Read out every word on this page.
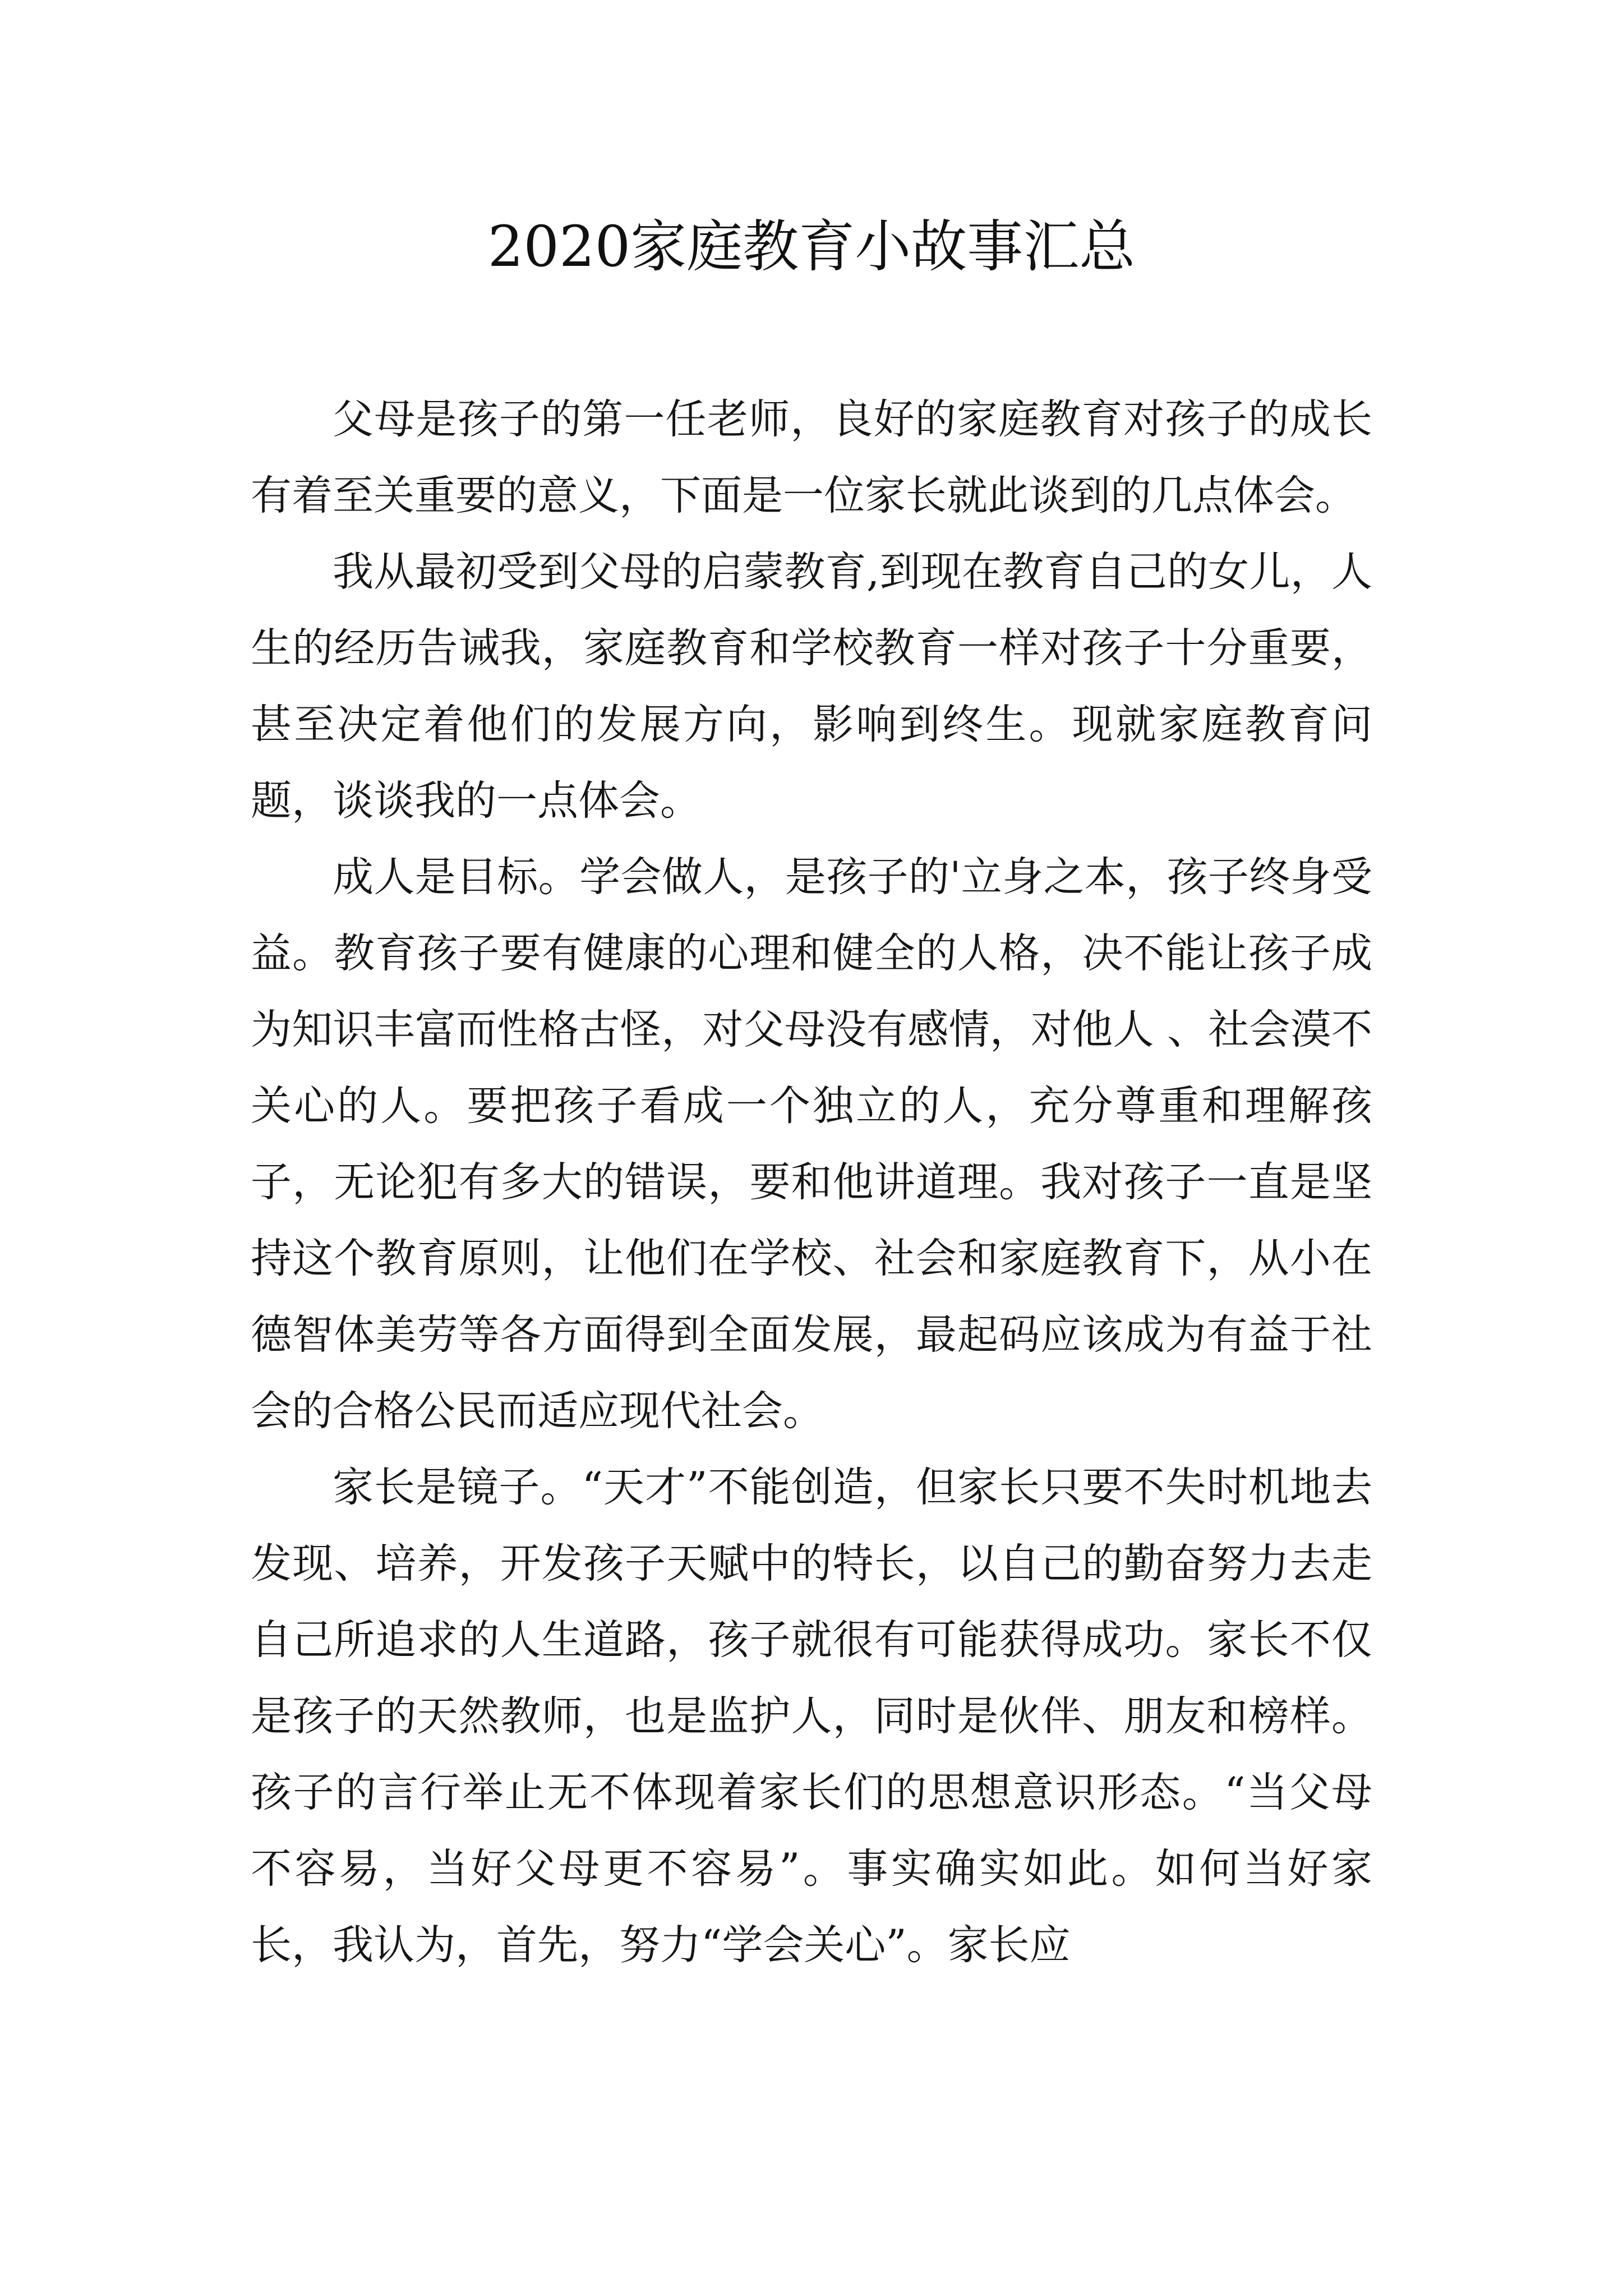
2020家庭教育小故事汇总

父母是孩子的第一任老师，良好的家庭教育对孩子的成长有着至关重要的意义，下面是一位家长就此谈到的几点体会。

我从最初受到父母的启蒙教育,到现在教育自己的女儿，人生的经历告诫我，家庭教育和学校教育一样对孩子十分重要，甚至决定着他们的发展方向，影响到终生。现就家庭教育问题，谈谈我的一点体会。

成人是目标。学会做人，是孩子的'立身之本，孩子终身受益。教育孩子要有健康的心理和健全的人格，决不能让孩子成为知识丰富而性格古怪，对父母没有感情，对他人 、社会漠不关心的人。要把孩子看成一个独立的人，充分尊重和理解孩子，无论犯有多大的错误，要和他讲道理。我对孩子一直是坚持这个教育原则，让他们在学校、社会和家庭教育下，从小在德智体美劳等各方面得到全面发展，最起码应该成为有益于社会的合格公民而适应现代社会。

家长是镜子。“天才”不能创造，但家长只要不失时机地去发现、培养，开发孩子天赋中的特长，以自己的勤奋努力去走自己所追求的人生道路，孩子就很有可能获得成功。家长不仅是孩子的天然教师，也是监护人，同时是伙伴、朋友和榜样。孩子的言行举止无不体现着家长们的思想意识形态。“当父母不容易，当好父母更不容易”。事实确实如此。如何当好家长，我认为，首先，努力“学会关心”。家长应
